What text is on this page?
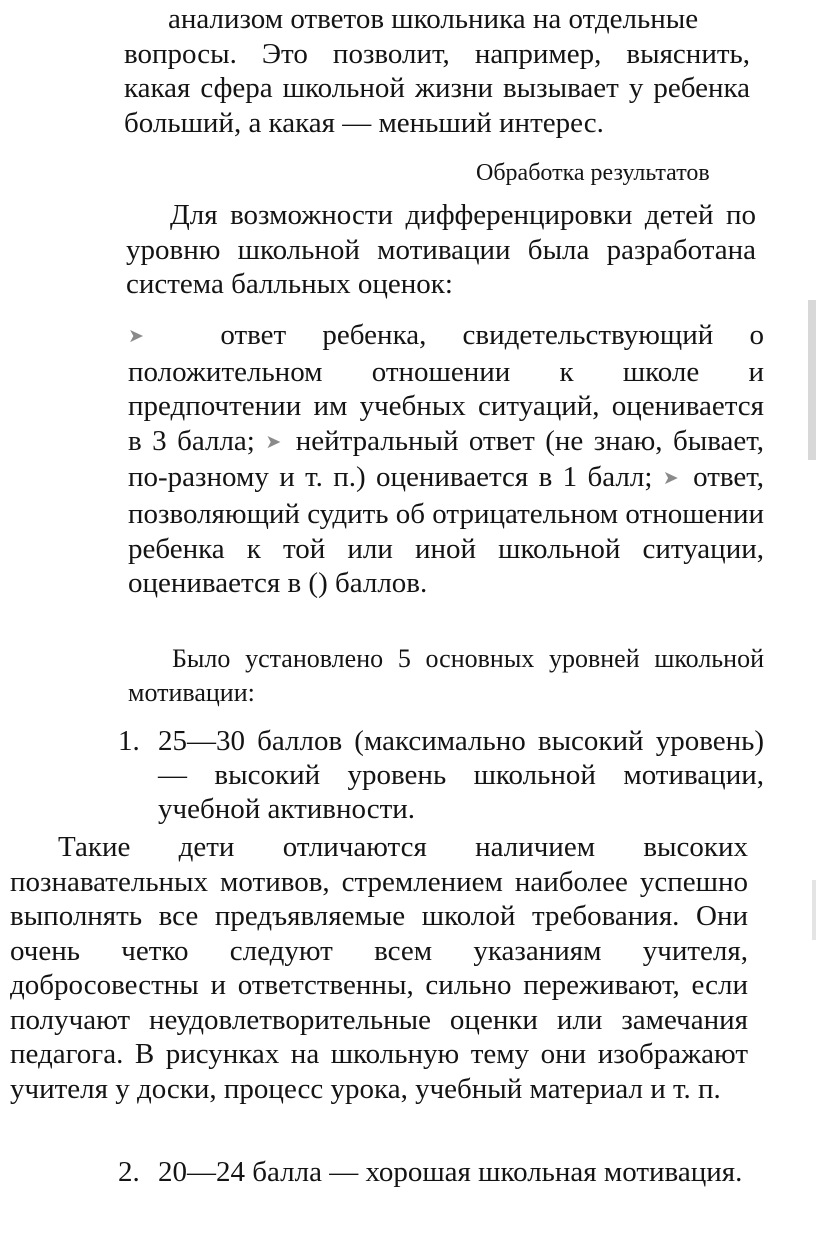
анализом ответов школьника на отдельные
вопросы. Это позволит, например, выяснить, какая сфера школьной жизни вызывает у ребенка больший, а какая — меньший интерес.

Обработка результатов

Для возможности дифференцировки детей по уровню школьной мотивации была разработана система балльных оценок:

➤	ответ ребенка, свидетельствующий о положительном отношении к школе и предпочтении им учебных ситуаций, оценивается в 3 балла; ➤ нейтральный ответ (не знаю, бывает, по-разному и т. п.) оценивается в 1 балл; ➤ ответ, позволяющий судить об отрицательном отношении ребенка к той или иной школьной ситуации, оценивается в () баллов.

Было установлено 5 основных уровней школьной мотивации:

1. 25—30 баллов (максимально высокий уровень) — высокий уровень школьной мотивации, учебной активности.

Такие дети отличаются наличием высоких познавательных мотивов, стремлением наиболее успешно выполнять все предъявляемые школой требования. Они очень четко следуют всем указаниям учителя, добросовестны и ответственны, сильно переживают, если получают неудовлетворительные оценки или замечания педагога. В рисунках на школьную тему они изображают учителя у доски, процесс урока, учебный материал и т. п.

2. 20—24 балла — хорошая школьная мотивация.
